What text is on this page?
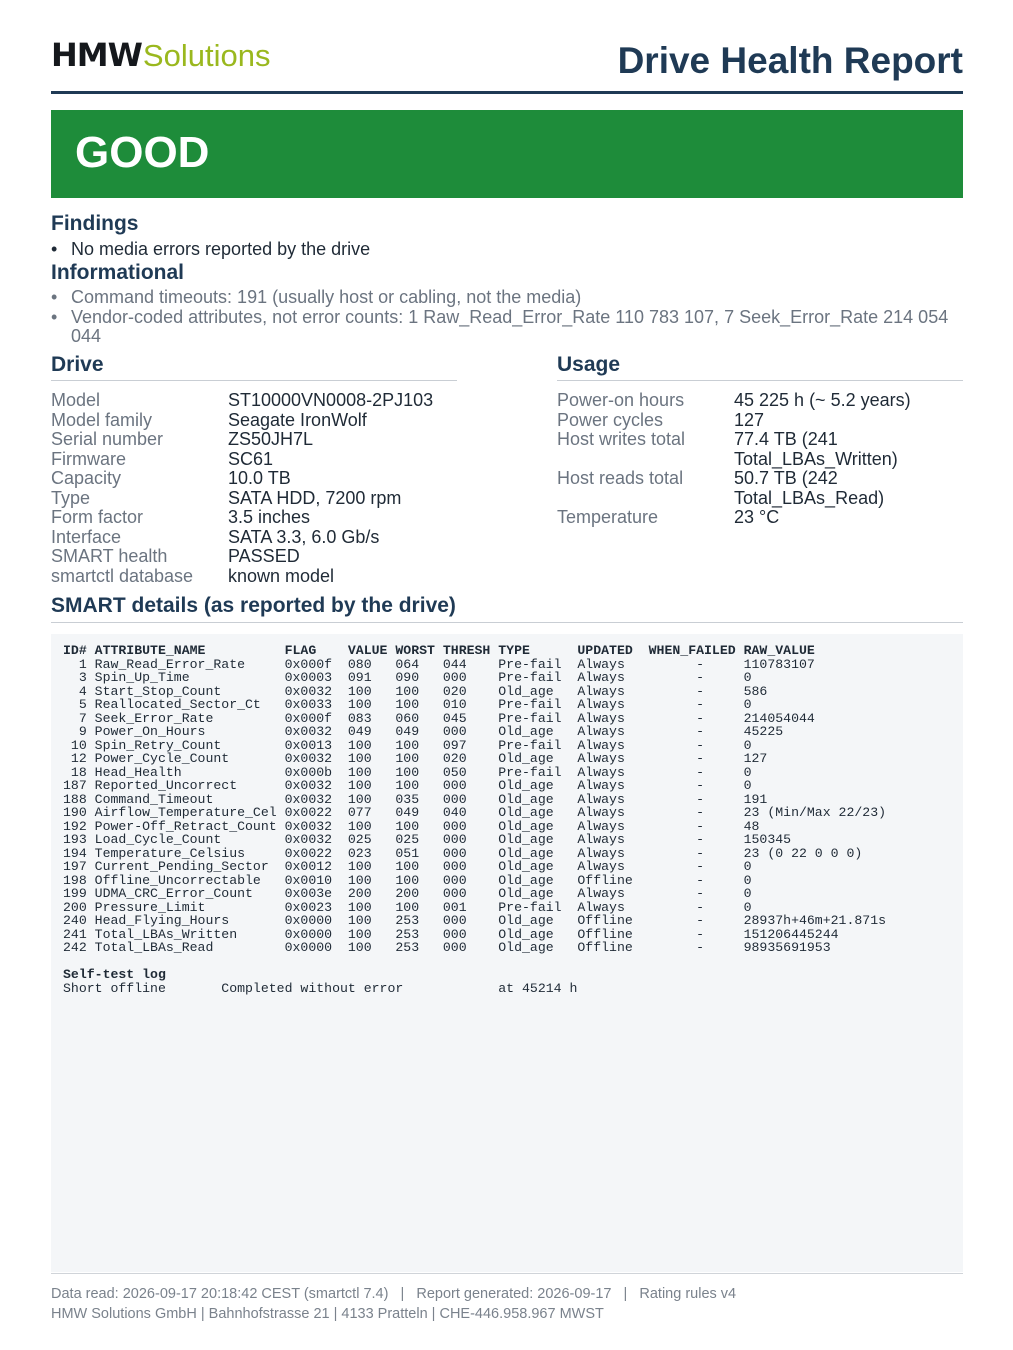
HMW Solutions	Drive Health Report
GOOD
Findings
• No media errors reported by the drive
Informational
• Command timeouts: 191 (usually host or cabling, not the media)
• Vendor-coded attributes, not error counts: 1 Raw_Read_Error_Rate 110 783 107, 7 Seek_Error_Rate 214 054 044
Drive
Model	ST10000VN0008-2PJ103
Model family	Seagate IronWolf
Serial number	ZS50JH7L
Firmware	SC61
Capacity	10.0 TB
Type	SATA HDD, 7200 rpm
Form factor	3.5 inches
Interface	SATA 3.3, 6.0 Gb/s
SMART health	PASSED
smartctl database	known model
Usage
Power-on hours	45 225 h (~ 5.2 years)
Power cycles	127
Host writes total	77.4 TB (241
Total_LBAs_Written)
Host reads total	50.7 TB (242
Total_LBAs_Read)
Temperature	23 °C
SMART details (as reported by the drive)
ID# ATTRIBUTE_NAME          FLAG    VALUE WORST THRESH TYPE      UPDATED  WHEN_FAILED RAW_VALUE
1 Raw_Read_Error_Rate     0x000f  080   064   044    Pre-fail  Always         -     110783107
3 Spin_Up_Time            0x0003  091   090   000    Pre-fail  Always         -     0
4 Start_Stop_Count        0x0032  100   100   020    Old_age   Always         -     586
5 Reallocated_Sector_Ct   0x0033  100   100   010    Pre-fail  Always         -     0
7 Seek_Error_Rate         0x000f  083   060   045    Pre-fail  Always         -     214054044
9 Power_On_Hours          0x0032  049   049   000    Old_age   Always         -     45225
10 Spin_Retry_Count        0x0013  100   100   097    Pre-fail  Always         -     0
12 Power_Cycle_Count       0x0032  100   100   020    Old_age   Always         -     127
18 Head_Health             0x000b  100   100   050    Pre-fail  Always         -     0
187 Reported_Uncorrect      0x0032  100   100   000    Old_age   Always         -     0
188 Command_Timeout         0x0032  100   035   000    Old_age   Always         -     191
190 Airflow_Temperature_Cel 0x0022  077   049   040    Old_age   Always         -     23 (Min/Max 22/23)
192 Power-Off_Retract_Count 0x0032  100   100   000    Old_age   Always         -     48
193 Load_Cycle_Count        0x0032  025   025   000    Old_age   Always         -     150345
194 Temperature_Celsius     0x0022  023   051   000    Old_age   Always         -     23 (0 22 0 0 0)
197 Current_Pending_Sector  0x0012  100   100   000    Old_age   Always         -     0
198 Offline_Uncorrectable   0x0010  100   100   000    Old_age   Offline        -     0
199 UDMA_CRC_Error_Count    0x003e  200   200   000    Old_age   Always         -     0
200 Pressure_Limit          0x0023  100   100   001    Pre-fail  Always         -     0
240 Head_Flying_Hours       0x0000  100   253   000    Old_age   Offline        -     28937h+46m+21.871s
241 Total_LBAs_Written      0x0000  100   253   000    Old_age   Offline        -     151206445244
242 Total_LBAs_Read         0x0000  100   253   000    Old_age   Offline        -     98935691953
Self-test log
Short offline       Completed without error            at 45214 h
Data read: 2026-09-17 20:18:42 CEST (smartctl 7.4)   |   Report generated: 2026-09-17   |   Rating rules v4
HMW Solutions GmbH | Bahnhofstrasse 21 | 4133 Pratteln | CHE-446.958.967 MWST
